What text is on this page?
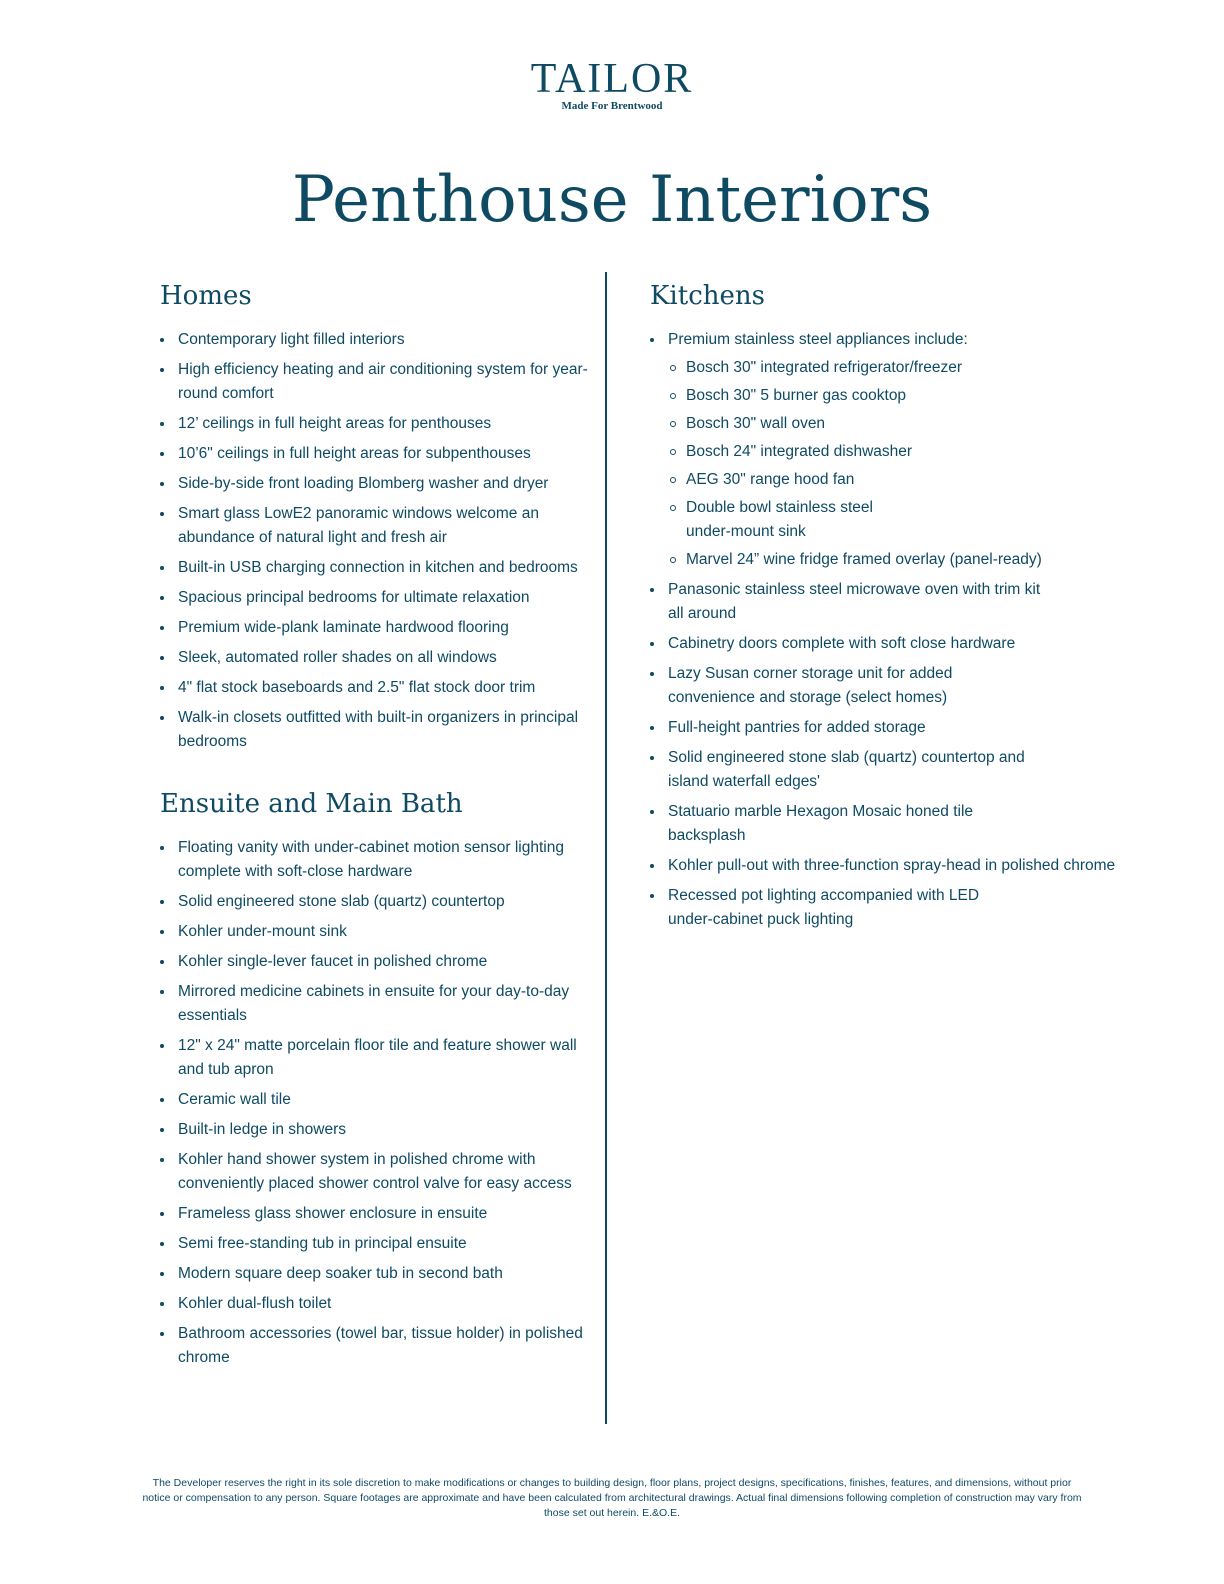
TAILOR
Made For Brentwood
Penthouse Interiors
Homes
Contemporary light filled interiors
High efficiency heating and air conditioning system for year-round comfort
12’ ceilings in full height areas for penthouses
10’6" ceilings in full height areas for subpenthouses
Side-by-side front loading Blomberg washer and dryer
Smart glass LowE2 panoramic windows welcome an abundance of natural light and fresh air
Built-in USB charging connection in kitchen and bedrooms
Spacious principal bedrooms for ultimate relaxation
Premium wide-plank laminate hardwood flooring
Sleek, automated roller shades on all windows
4" flat stock baseboards and 2.5" flat stock door trim
Walk-in closets outfitted with built-in organizers in principal bedrooms
Ensuite and Main Bath
Floating vanity with under-cabinet motion sensor lighting complete with soft-close hardware
Solid engineered stone slab (quartz) countertop
Kohler under-mount sink
Kohler single-lever faucet in polished chrome
Mirrored medicine cabinets in ensuite for your day-to-day essentials
12" x 24" matte porcelain floor tile and feature shower wall and tub apron
Ceramic wall tile
Built-in ledge in showers
Kohler hand shower system in polished chrome with conveniently placed shower control valve for easy access
Frameless glass shower enclosure in ensuite
Semi free-standing tub in principal ensuite
Modern square deep soaker tub in second bath
Kohler dual-flush toilet
Bathroom accessories (towel bar, tissue holder) in polished chrome
Kitchens
Premium stainless steel appliances include:
Bosch 30" integrated refrigerator/freezer
Bosch 30" 5 burner gas cooktop
Bosch 30" wall oven
Bosch 24" integrated dishwasher
AEG 30" range hood fan
Double bowl stainless steel under-mount sink
Marvel 24” wine fridge framed overlay (panel-ready)
Panasonic stainless steel microwave oven with trim kit all around
Cabinetry doors complete with soft close hardware
Lazy Susan corner storage unit for added convenience and storage (select homes)
Full-height pantries for added storage
Solid engineered stone slab (quartz) countertop and island waterfall edges'
Statuario marble Hexagon Mosaic honed tile backsplash
Kohler pull-out with three-function spray-head in polished chrome
Recessed pot lighting accompanied with LED under-cabinet puck lighting
The Developer reserves the right in its sole discretion to make modifications or changes to building design, floor plans, project designs, specifications, finishes, features, and dimensions, without prior notice or compensation to any person. Square footages are approximate and have been calculated from architectural drawings. Actual final dimensions following completion of construction may vary from those set out herein. E.&O.E.
